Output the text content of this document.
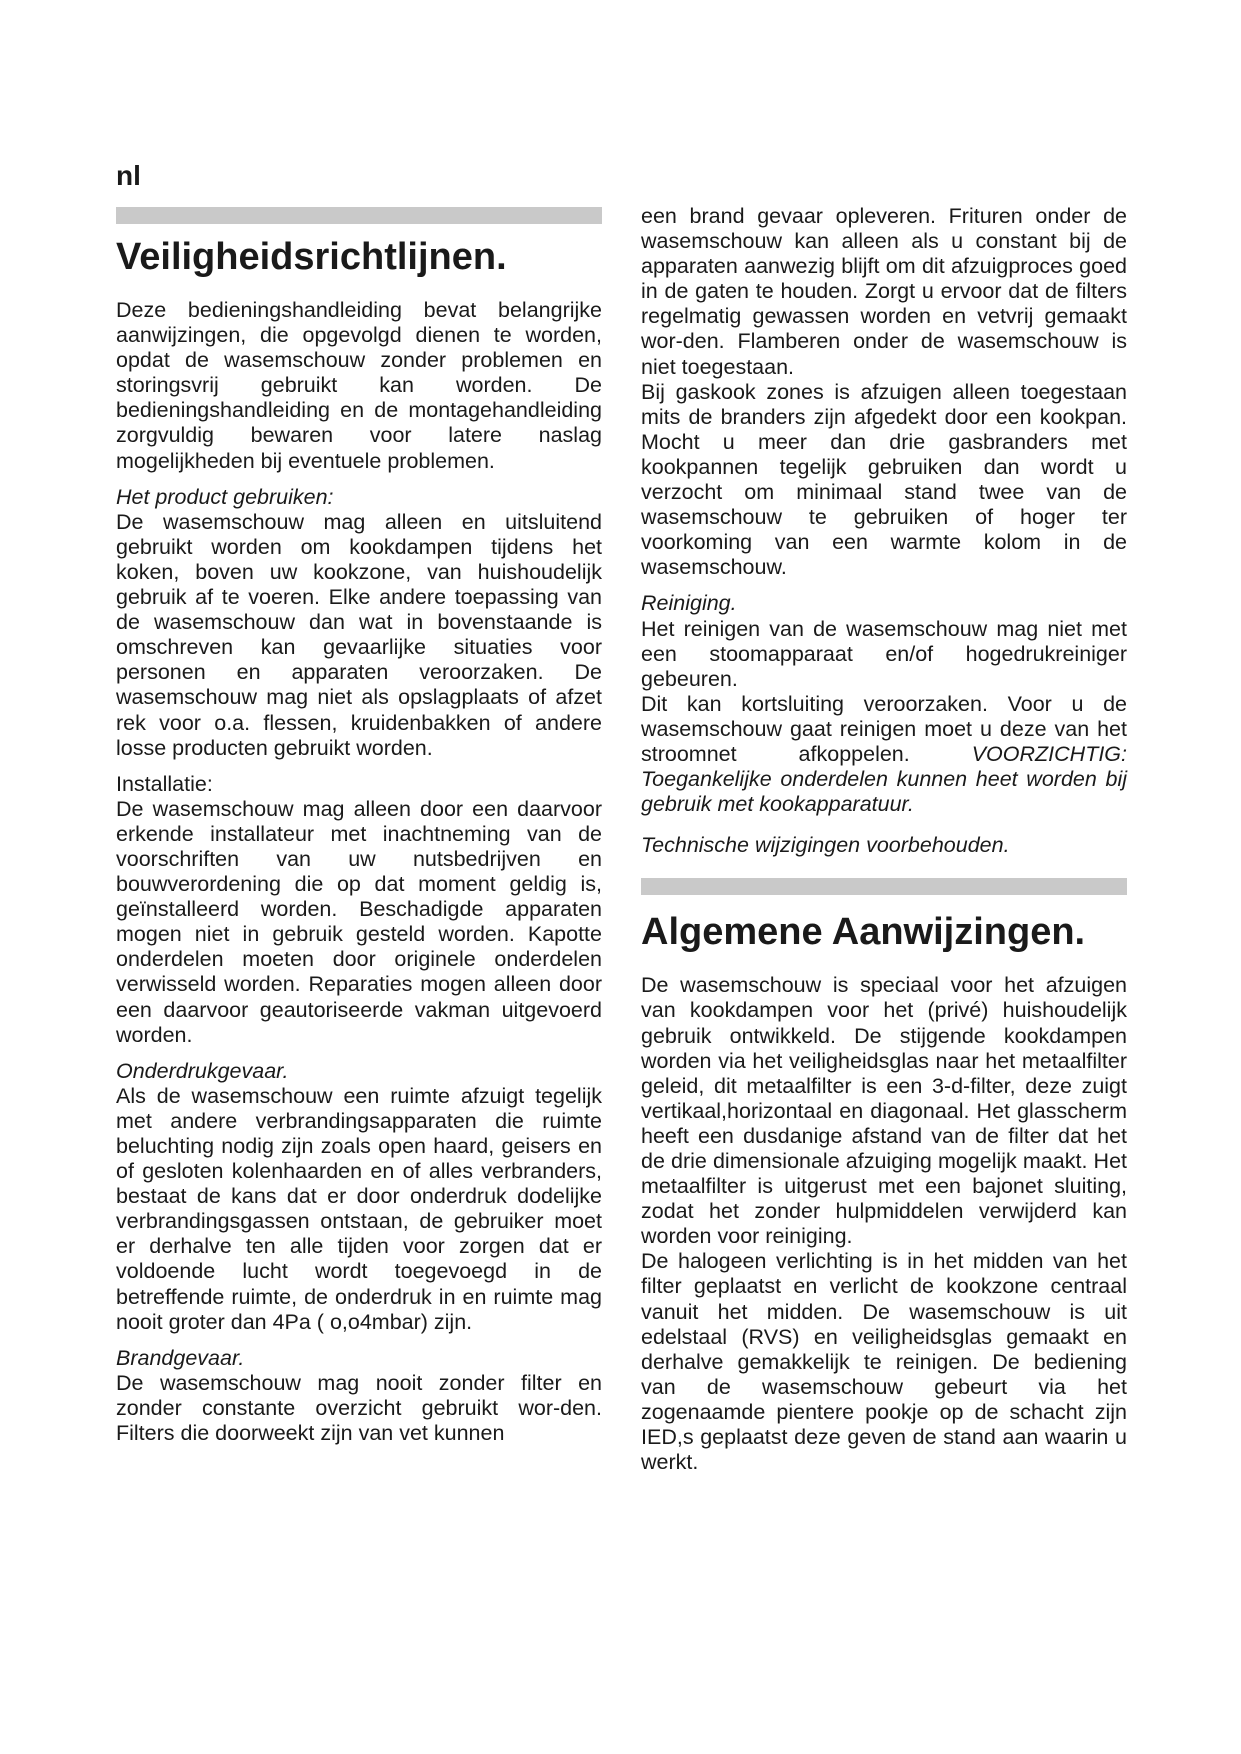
nl
Veiligheidsrichtlijnen.

Deze bedieningshandleiding bevat belangrijke aanwijzingen, die opgevolgd dienen te worden, opdat de wasemschouw zonder problemen en storingsvrij gebruikt kan worden. De bedieningshandleiding en de montagehandleiding zorgvuldig bewaren voor latere naslag mogelijkheden bij eventuele problemen.

Het product gebruiken:

De wasemschouw mag alleen en uitsluitend gebruikt worden om kookdampen tijdens het koken, boven uw kookzone, van huishoudelijk gebruik af te voeren. Elke andere toepassing van de wasemschouw dan wat in bovenstaande is omschreven kan gevaarlijke situaties voor personen en apparaten veroorzaken. De wasemschouw mag niet als opslagplaats of afzet rek voor o.a. flessen, kruidenbakken of andere losse producten gebruikt worden.

Installatie:

De wasemschouw mag alleen door een daarvoor erkende installateur met inachtneming van de voorschriften van uw nutsbedrijven en bouwverordening die op dat moment geldig is, geïnstalleerd worden. Beschadigde apparaten mogen niet in gebruik gesteld worden. Kapotte onderdelen moeten door originele onderdelen verwisseld worden. Reparaties mogen alleen door een daarvoor geautoriseerde vakman uitgevoerd worden.

Onderdrukgevaar.

Als de wasemschouw een ruimte afzuigt tegelijk met andere verbrandingsapparaten die ruimte beluchting nodig zijn zoals open haard, geisers en of gesloten kolenhaarden en of alles verbranders, bestaat de kans dat er door onderdruk dodelijke verbrandingsgassen ontstaan, de gebruiker moet er derhalve ten alle tijden voor zorgen dat er voldoende lucht wordt toegevoegd in de betreffende ruimte, de onderdruk in en ruimte mag nooit groter dan 4Pa ( o,o4mbar) zijn.

Brandgevaar.

De wasemschouw mag nooit zonder filter en zonder constante overzicht gebruikt wor-den. Filters die doorweekt zijn van vet kunnen

een brand gevaar opleveren. Frituren onder de wasemschouw kan alleen als u constant bij de apparaten aanwezig blijft om dit afzuigproces goed in de gaten te houden. Zorgt u ervoor dat de filters regelmatig gewassen worden en vetvrij gemaakt wor-den. Flamberen onder de wasemschouw is niet toegestaan.

Bij gaskook zones is afzuigen alleen toegestaan mits de branders zijn afgedekt door een kookpan. Mocht u meer dan drie gasbranders met kookpannen tegelijk gebruiken dan wordt u verzocht om minimaal stand twee van de wasemschouw te gebruiken of hoger ter voorkoming van een warmte kolom in de wasemschouw.

Reiniging.

Het reinigen van de wasemschouw mag niet met een stoomapparaat en/of hogedrukreiniger gebeuren.

Dit kan kortsluiting veroorzaken. Voor u de wasemschouw gaat reinigen moet u deze van het stroomnet afkoppelen.	VOORZICHTIG: Toegankelijke onderdelen kunnen heet worden bij gebruik met kookapparatuur.

Technische wijzigingen voorbehouden.

Algemene Aanwijzingen.

De wasemschouw is speciaal voor het afzuigen van kookdampen voor het (privé) huishoudelijk gebruik ontwikkeld. De stijgende kookdampen worden via het veiligheidsglas naar het metaalfilter geleid, dit metaalfilter is een 3-d-filter, deze zuigt vertikaal,horizontaal en diagonaal. Het glasscherm heeft een dusdanige afstand van de filter dat het de drie dimensionale afzuiging mogelijk maakt. Het metaalfilter is uitgerust met een bajonet sluiting, zodat het zonder hulpmiddelen verwijderd kan worden voor reiniging.

De halogeen verlichting is in het midden van het filter geplaatst en verlicht de kookzone centraal vanuit het midden. De wasemschouw is uit edelstaal (RVS) en veiligheidsglas gemaakt en derhalve gemakkelijk te reinigen. De bediening van de wasemschouw gebeurt via het zogenaamde pientere pookje op de schacht zijn IED,s geplaatst deze geven de stand aan waarin u werkt.
